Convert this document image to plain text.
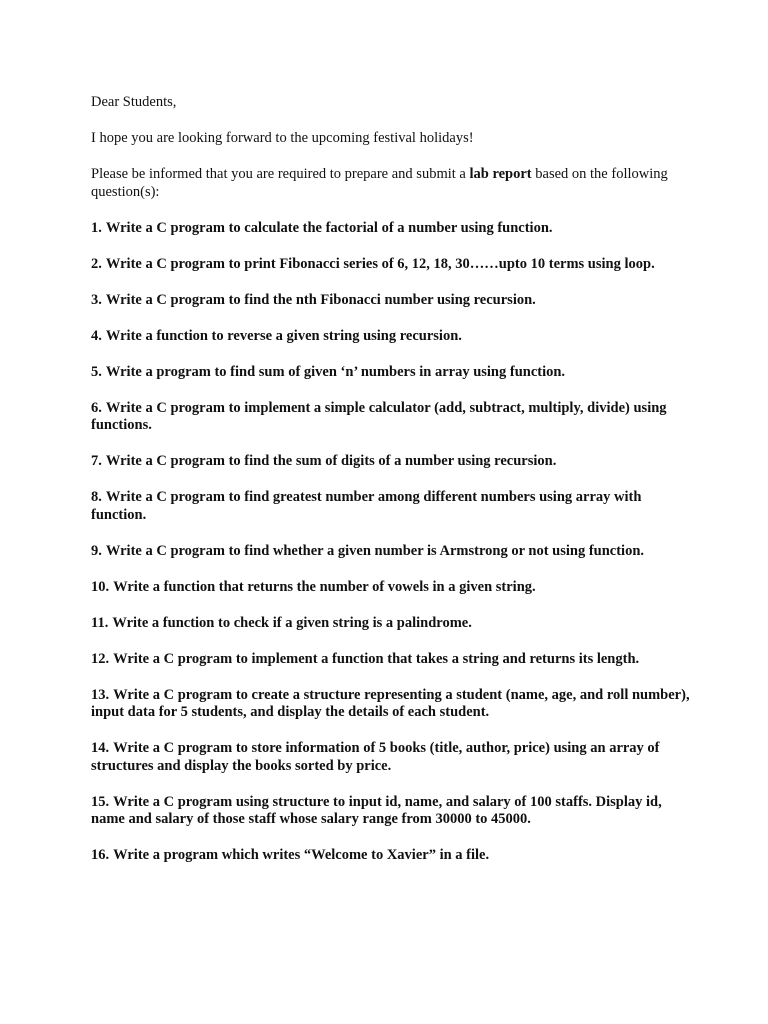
Dear Students,

I hope you are looking forward to the upcoming festival holidays!

Please be informed that you are required to prepare and submit a lab report based on the following question(s):

1. Write a C program to calculate the factorial of a number using function.
2. Write a C program to print Fibonacci series of 6, 12, 18, 30……upto 10 terms using loop.
3. Write a C program to find the nth Fibonacci number using recursion.
4. Write a function to reverse a given string using recursion.
5. Write a program to find sum of given ‘n’ numbers in array using function.
6. Write a C program to implement a simple calculator (add, subtract, multiply, divide) using functions.
7. Write a C program to find the sum of digits of a number using recursion.
8. Write a C program to find greatest number among different numbers using array with function.
9. Write a C program to find whether a given number is Armstrong or not using function.
10. Write a function that returns the number of vowels in a given string.
11. Write a function to check if a given string is a palindrome.
12. Write a C program to implement a function that takes a string and returns its length.
13. Write a C program to create a structure representing a student (name, age, and roll number), input data for 5 students, and display the details of each student.
14. Write a C program to store information of 5 books (title, author, price) using an array of structures and display the books sorted by price.
15. Write a C program using structure to input id, name, and salary of 100 staffs. Display id, name and salary of those staff whose salary range from 30000 to 45000.
16. Write a program which writes “Welcome to Xavier” in a file.
